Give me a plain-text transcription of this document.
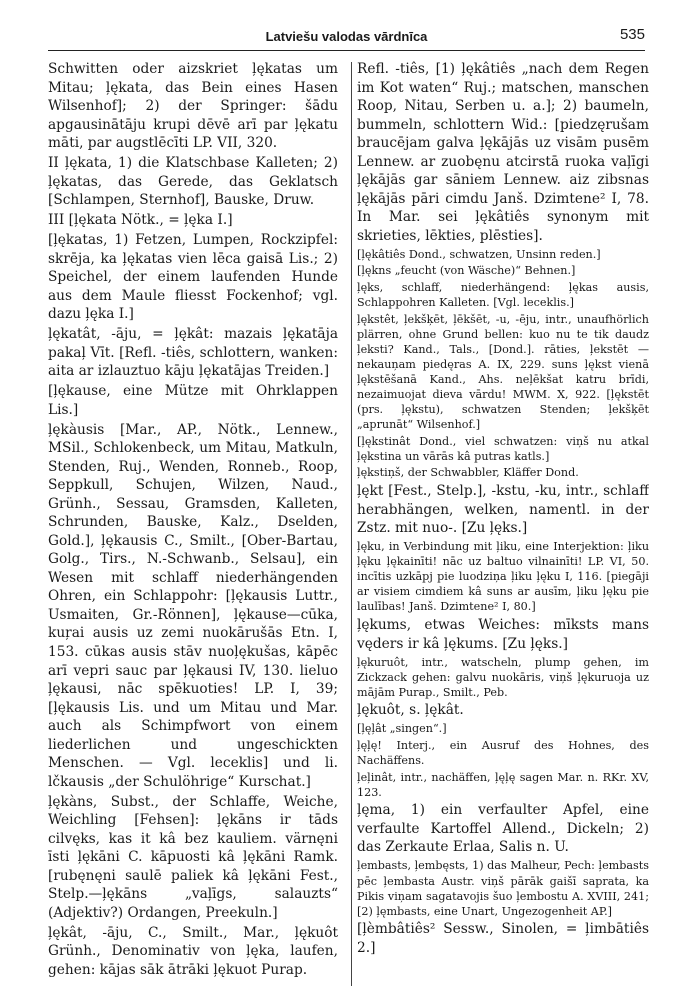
Latviešu valodas vārdnīca	535

Schwitten oder aizskriet ļękatas um Mitau; ļękata, das Bein eines Hasen Wilsenhof]; 2) der Springer: šādu apgausinātāju krupi dēvē arī par ļękatu māti, par augstlēcīti LP. VII, 320.

II ļękata, 1) die Klatschbase Kalleten; 2) ļękatas, das Gerede, das Geklatsch [Schlampen, Sternhof], Bauske, Druw.

III [ļękata Nötk., = ļęka I.]

[ļękatas, 1) Fetzen, Lumpen, Rockzipfel: skrēja, ka ļękatas vien lēca gaisā Lis.; 2) Speichel, der einem laufenden Hunde aus dem Maule fliesst Fockenhof; vgl. dazu ļęka I.]

ļękatât, -āju, = ļękât: mazais ļękatāja pakaļ Vīt. [Refl. -tiês, schlottern, wanken: aita ar izlauztuo kāju ļękatājas Treiden.]

[ļękause, eine Mütze mit Ohrklappen Lis.]

ļękàusis [Mar., AP., Nötk., Lennew., MSil., Schlokenbeck, um Mitau, Matkuln, Stenden, Ruj., Wenden, Ronneb., Roop, Seppkull, Schujen, Wilzen, Naud., Grünh., Sessau, Gramsden, Kalleten, Schrunden, Bauske, Kalz., Dselden, Gold.], ļękausis C., Smilt., [Ober-Bartau, Golg., Tirs., N.-Schwanb., Selsau], ein Wesen mit schlaff niederhängenden Ohren, ein Schlappohr: [ļękausis Luttr., Usmaiten, Gr.-Rönnen], ļękause—cūka, kuŗai ausis uz zemi nuokārušās Etn. I, 153. cūkas ausis stāv nuoļękušas, kāpēc arī vepri sauc par ļękausi IV, 130. lieluo ļękausi, nāc spēkuoties! LP. I, 39; [ļękausis Lis. und um Mitau und Mar. auch als Schimpfwort von einem liederlichen und ungeschickten Menschen. — Vgl. leceklis] und li. lčkausis „der Schulöhrige“ Kurschat.]

ļękàns, Subst., der Schlaffe, Weiche, Weichling [Fehsen]: ļękāns ir tāds cilvęks, kas it kâ bez kauliem. värnęni īsti ļękāni C. kāpuosti kâ ļękāni Ramk. [rubęnęni saulē paliek kâ ļękāni Fest., Stelp.—ļękāns „vaļīgs, salauzts“ (Adjektiv?) Ordangen, Preekuln.]

ļękât, -āju, C., Smilt., Mar., ļękuôt Grünh., Denominativ von ļęka, laufen, gehen: kājas sāk ātrāki ļękuot Purap.

Refl. -tiês, [1) ļękâtiês „nach dem Regen im Kot waten“ Ruj.; matschen, manschen Roop, Nitau, Serben u. a.]; 2) baumeln, bummeln, schlottern Wid.: [piedzęrušam braucējam galva ļękājās uz visām pusēm Lennew. ar zuobęnu atcirstā ruoka vaļīgi ļękājās gar sāniem Lennew. aiz zibsnas ļękājās pāri cimdu Janš. Dzimtene² I, 78. In Mar. sei ļękâtiês synonym mit skrieties, lēkties, plēsties].

[ļękâtiês Dond., schwatzen, Unsinn reden.]

[ļękns „feucht (von Wäsche)“ Behnen.]

ļęks, schlaff, niederhängend: ļękas ausis, Schlappohren Kalleten. [Vgl. leceklis.]

ļękstêt, ļekšķēt, ļēkšēt, -u, -ēju, intr., unaufhörlich plärren, ohne Grund bellen: kuo nu te tik daudz ļeksti? Kand., Tals., [Dond.]. rāties, ļekstēt — nekauņam piedęras A. IX, 229. suns ļękst vienā ļękstēšanā Kand., Ahs. neļēkšat katru brīdi, nezaimuojat dieva vārdu! MWM. X, 922. [ļękstēt (prs. ļękstu), schwatzen Stenden; ļekšķēt „aprunāt“ Wilsenhof.]

[ļękstinât Dond., viel schwatzen: viņš nu atkal ļękstina un vārās kâ putras katls.]

ļękstiņš, der Schwabbler, Kläffer Dond.

ļękt [Fest., Stelp.], -kstu, -ku, intr., schlaff herabhängen, welken, namentl. in der Zstz. mit nuo-. [Zu ļęks.]

ļęku, in Verbindung mit ļiku, eine Interjektion: ļiku ļęku ļękainīti! nāc uz baltuo vilnainīti! LP. VI, 50. incītis uzkāpj pie luodziņa ļiku ļęku I, 116. [piegāji ar visiem cimdiem kâ suns ar ausīm, ļiku ļęku pie laulības! Janš. Dzimtene² I, 80.]

ļękums, etwas Weiches: mīksts mans vęders ir kâ ļękums. [Zu ļęks.]

ļękuruôt, intr., watscheln, plump gehen, im Zickzack gehen: galvu nuokāris, viņš ļękuruoja uz mājām Purap., Smilt., Peb.

ļękuôt, s. ļękât.

[ļęļât „singen“.]

ļęļę! Interj., ein Ausruf des Hohnes, des Nachäffens.

ļeļinât, intr., nachäffen, ļęļę sagen Mar. n. RKr. XV, 123.

ļęma, 1) ein verfaulter Apfel, eine verfaulte Kartoffel Allend., Dickeln; 2) das Zerkaute Erlaa, Salis n. U.

ļembasts, ļembęsts, 1) das Malheur, Pech: ļembasts pēc ļembasta Austr. viņš pārāk gaišī saprata, ka Pikis viņam sagatavojis šuo ļembostu A. XVIII, 241; [2) ļęmbasts, eine Unart, Ungezogenheit AP.]

[ļèmbâtiês² Sessw., Sinolen, = ļimbātiês 2.]
